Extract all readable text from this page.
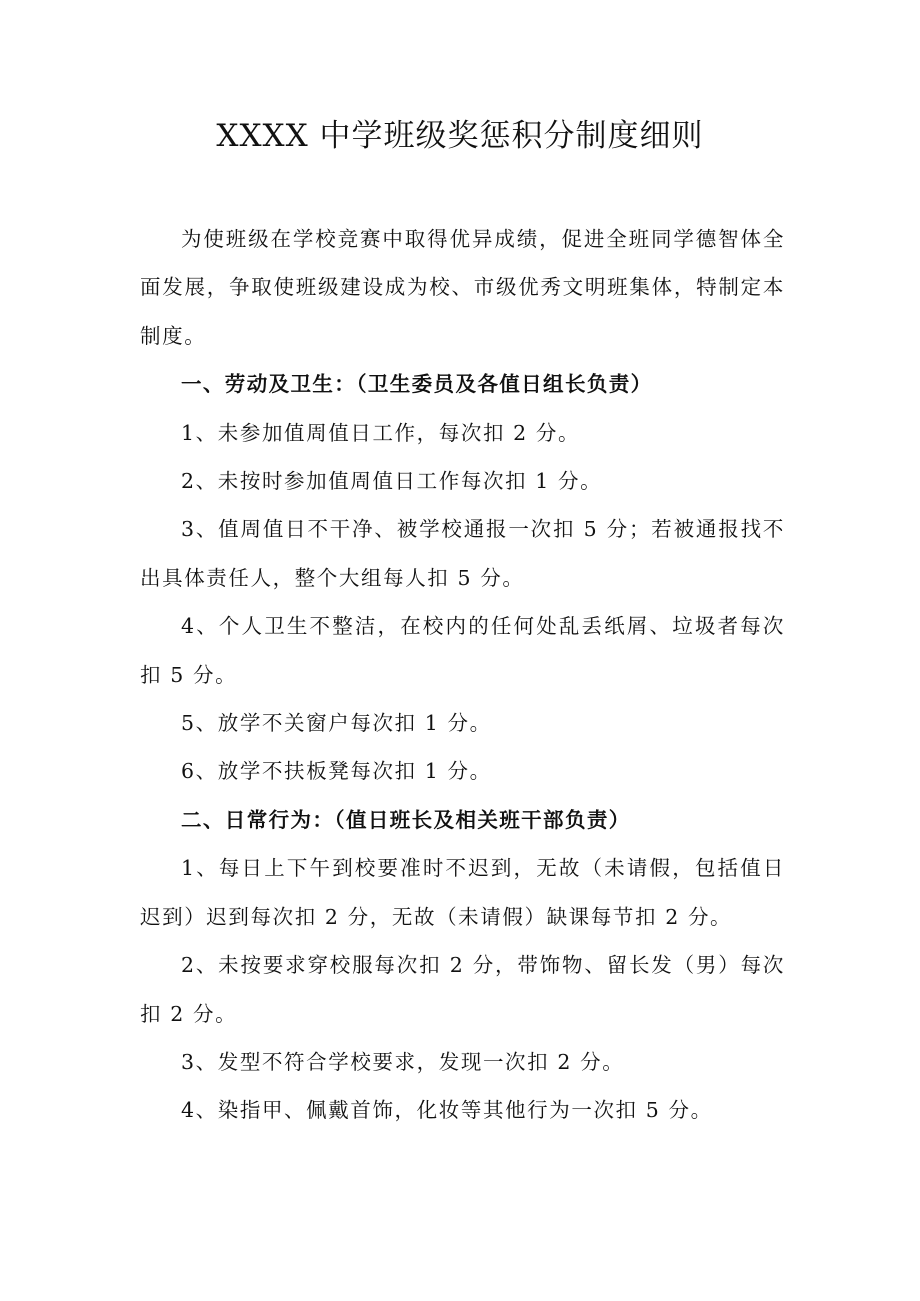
XXXX 中学班级奖惩积分制度细则

为使班级在学校竞赛中取得优异成绩，促进全班同学德智体全面发展，争取使班级建设成为校、市级优秀文明班集体，特制定本制度。

一、劳动及卫生：（卫生委员及各值日组长负责）

1、未参加值周值日工作，每次扣 2 分。

2、未按时参加值周值日工作每次扣 1 分。

3、值周值日不干净、被学校通报一次扣 5 分；若被通报找不出具体责任人，整个大组每人扣 5 分。

4、个人卫生不整洁，在校内的任何处乱丢纸屑、垃圾者每次扣 5 分。

5、放学不关窗户每次扣 1 分。

6、放学不扶板凳每次扣 1 分。

二、日常行为：（值日班长及相关班干部负责）

1、每日上下午到校要准时不迟到，无故（未请假，包括值日迟到）迟到每次扣 2 分，无故（未请假）缺课每节扣 2 分。

2、未按要求穿校服每次扣 2 分，带饰物、留长发（男）每次扣 2 分。

3、发型不符合学校要求，发现一次扣 2 分。

4、染指甲、佩戴首饰，化妆等其他行为一次扣 5 分。
